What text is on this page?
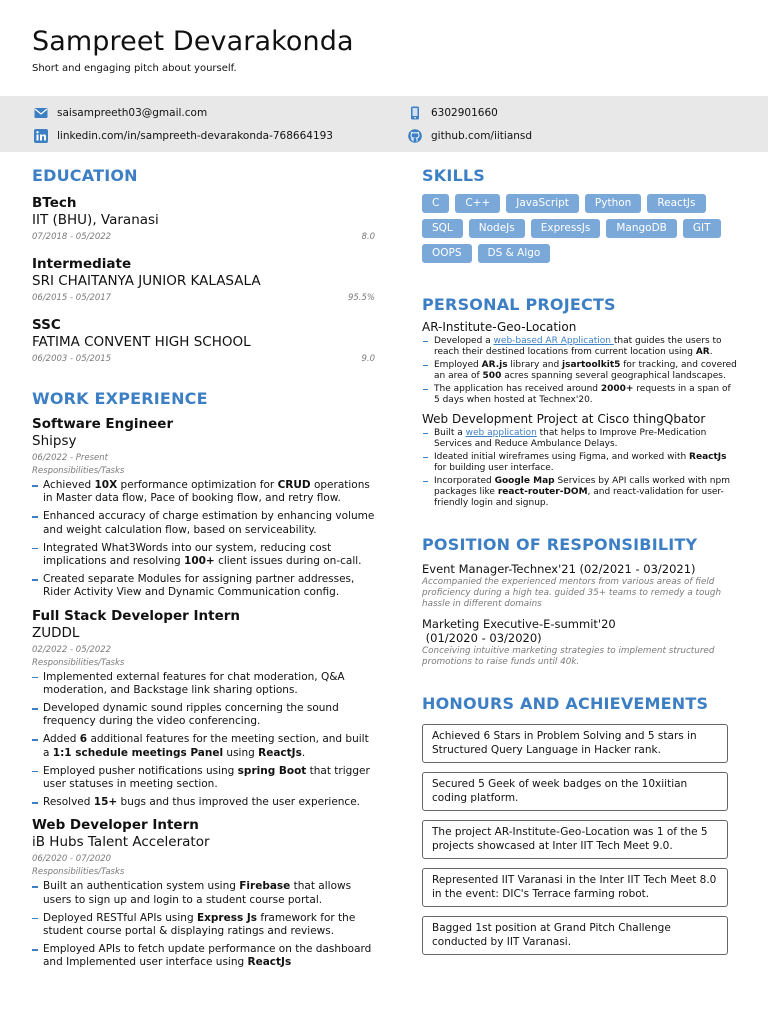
Sampreet Devarakonda
Short and engaging pitch about yourself.
saisampreeth03@gmail.com	6302901660
linkedin.com/in/sampreeth-devarakonda-768664193	github.com/iitiansd
EDUCATION
BTech
IIT (BHU), Varanasi
07/2018 - 05/2022	8.0
Intermediate
SRI CHAITANYA JUNIOR KALASALA
06/2015 - 05/2017	95.5%
SSC
FATIMA CONVENT HIGH SCHOOL
06/2003 - 05/2015	9.0
WORK EXPERIENCE
Software Engineer
Shipsy
06/2022 - Present
Responsibilities/Tasks
Achieved 10X performance optimization for CRUD operations in Master data flow, Pace of booking flow, and retry flow.
Enhanced accuracy of charge estimation by enhancing volume and weight calculation flow, based on serviceability.
Integrated What3Words into our system, reducing cost implications and resolving 100+ client issues during on-call.
Created separate Modules for assigning partner addresses, Rider Activity View and Dynamic Communication config.
Full Stack Developer Intern
ZUDDL
02/2022 - 05/2022
Responsibilities/Tasks
Implemented external features for chat moderation, Q&A moderation, and Backstage link sharing options.
Developed dynamic sound ripples concerning the sound frequency during the video conferencing.
Added 6 additional features for the meeting section, and built a 1:1 schedule meetings Panel using ReactJs.
Employed pusher notifications using spring Boot that trigger user statuses in meeting section.
Resolved 15+ bugs and thus improved the user experience.
Web Developer Intern
iB Hubs Talent Accelerator
06/2020 - 07/2020
Responsibilities/Tasks
Built an authentication system using Firebase that allows users to sign up and login to a student course portal.
Deployed RESTful APIs using Express Js framework for the student course portal & displaying ratings and reviews.
Employed APIs to fetch update performance on the dashboard and Implemented user interface using ReactJs
SKILLS
C	C++	JavaScript	Python	ReactJs
SQL	NodeJs	ExpressJs	MangoDB	GIT
OOPS	DS & Algo
PERSONAL PROJECTS
AR-Institute-Geo-Location
Developed a web-based AR Application that guides the users to reach their destined locations from current location using AR.
Employed AR.js library and jsartoolkit5 for tracking, and covered an area of 500 acres spanning several geographical landscapes.
The application has received around 2000+ requests in a span of 5 days when hosted at Technex'20.
Web Development Project at Cisco thingQbator
Built a web application that helps to Improve Pre-Medication Services and Reduce Ambulance Delays.
Ideated initial wireframes using Figma, and worked with ReactJs for building user interface.
Incorporated Google Map Services by API calls worked with npm packages like react-router-DOM, and react-validation for user-friendly login and signup.
POSITION OF RESPONSIBILITY
Event Manager-Technex'21 (02/2021 - 03/2021)
Accompanied the experienced mentors from various areas of field proficiency during a high tea. guided 35+ teams to remedy a tough hassle in different domains
Marketing Executive-E-summit'20
(01/2020 - 03/2020)
Conceiving intuitive marketing strategies to implement structured promotions to raise funds until 40k.
HONOURS AND ACHIEVEMENTS
Achieved 6 Stars in Problem Solving and 5 stars in Structured Query Language in Hacker rank.
Secured 5 Geek of week badges on the 10xiitian coding platform.
The project AR-Institute-Geo-Location was 1 of the 5 projects showcased at Inter IIT Tech Meet 9.0.
Represented IIT Varanasi in the Inter IIT Tech Meet 8.0 in the event: DIC's Terrace farming robot.
Bagged 1st position at Grand Pitch Challenge conducted by IIT Varanasi.
